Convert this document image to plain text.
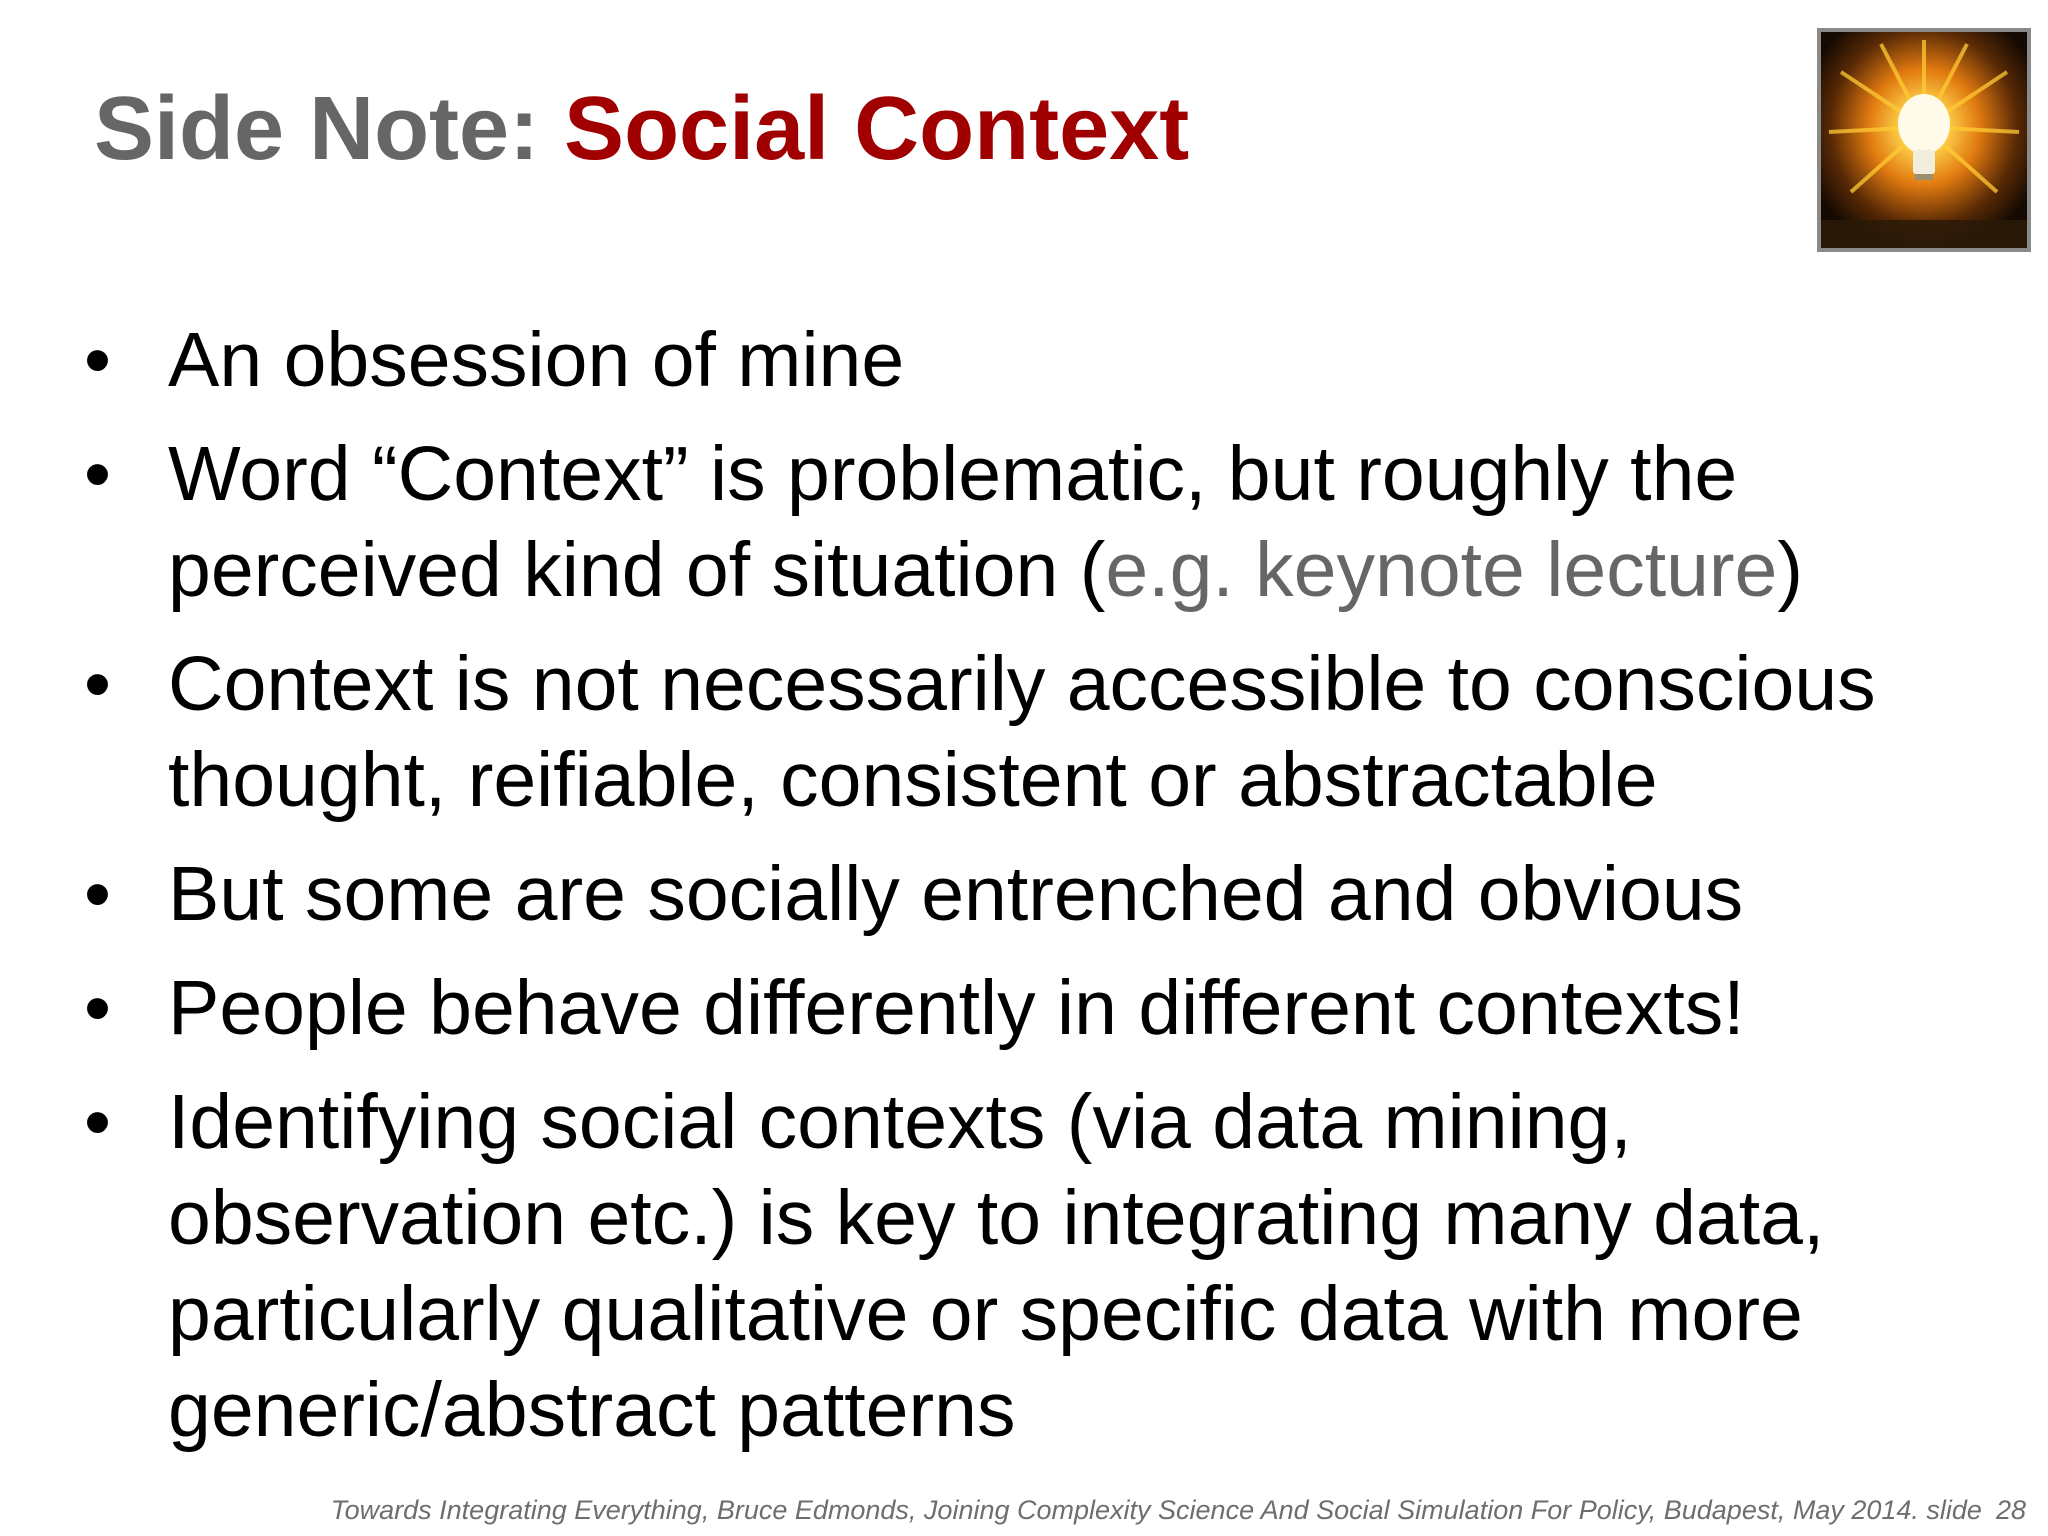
Side Note: Social Context
• An obsession of mine
• Word “Context” is problematic, but roughly the perceived kind of situation (e.g. keynote lecture)
• Context is not necessarily accessible to conscious thought, reifiable, consistent or abstractable
• But some are socially entrenched and obvious
• People behave differently in different contexts!
• Identifying social contexts (via data mining, observation etc.) is key to integrating many data, particularly qualitative or specific data with more generic/abstract patterns
Towards Integrating Everything, Bruce Edmonds, Joining Complexity Science And Social Simulation For Policy, Budapest, May 2014. slide 28
